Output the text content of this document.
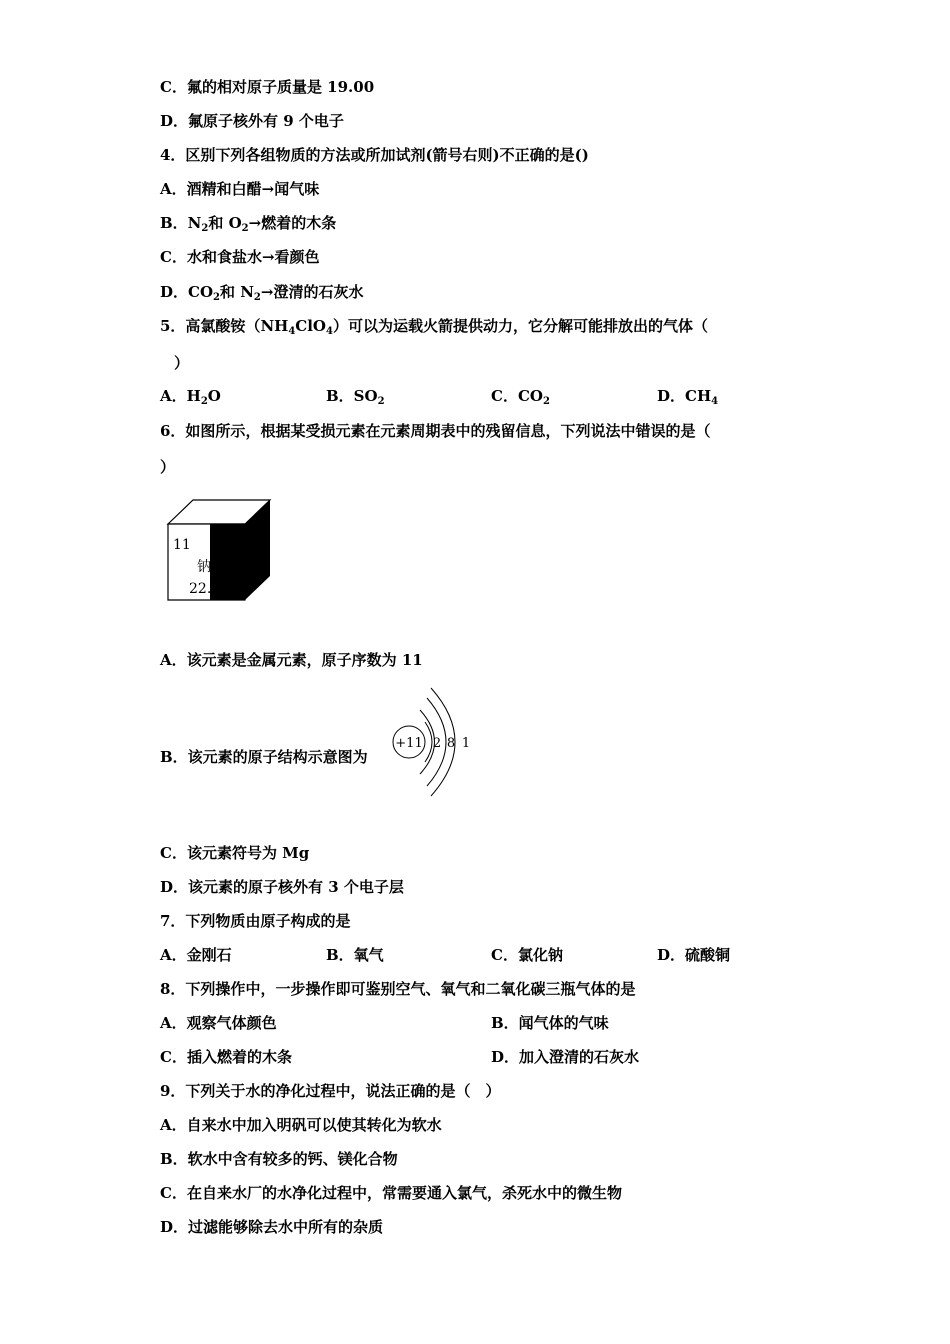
C．氟的相对原子质量是 19.00
D．氟原子核外有 9 个电子
4．区别下列各组物质的方法或所加试剂(箭号右则)不正确的是()
A．酒精和白醋→闻气味
B．$N_2$和 $O_2\to$燃着的木条
C．水和食盐水→看颜色
D．$CO_2$和 $N_2\to$澄清的石灰水
5．高氯酸铵$(NH_4ClO_4)$可以为运载火箭提供动力，它分解可能排放出的气体（
）
A．$H_2O$	B．$SO_2$	C．$CO_2$	D．$CH_4$
6．如图所示，根据某受损元素在元素周期表中的残留信息，下列说法中错误的是（
）
11
钠
22.
A．该元素是金属元素，原子序数为 11
B．该元素的原子结构示意图为
+11 2 8 1
C．该元素符号为 Mg
D．该元素的原子核外有 3 个电子层
7．下列物质由原子构成的是
A．金刚石	B．氧气	C．氯化钠	D．硫酸铜
8．下列操作中，一步操作即可鉴别空气、氧气和二氧化碳三瓶气体的是
A．观察气体颜色	B．闻气体的气味
C．插入燃着的木条	D．加入澄清的石灰水
9．下列关于水的净化过程中，说法正确的是（　）
A．自来水中加入明矾可以使其转化为软水
B．软水中含有较多的钙、镁化合物
C．在自来水厂的水净化过程中，常需要通入氯气，杀死水中的微生物
D．过滤能够除去水中所有的杂质
